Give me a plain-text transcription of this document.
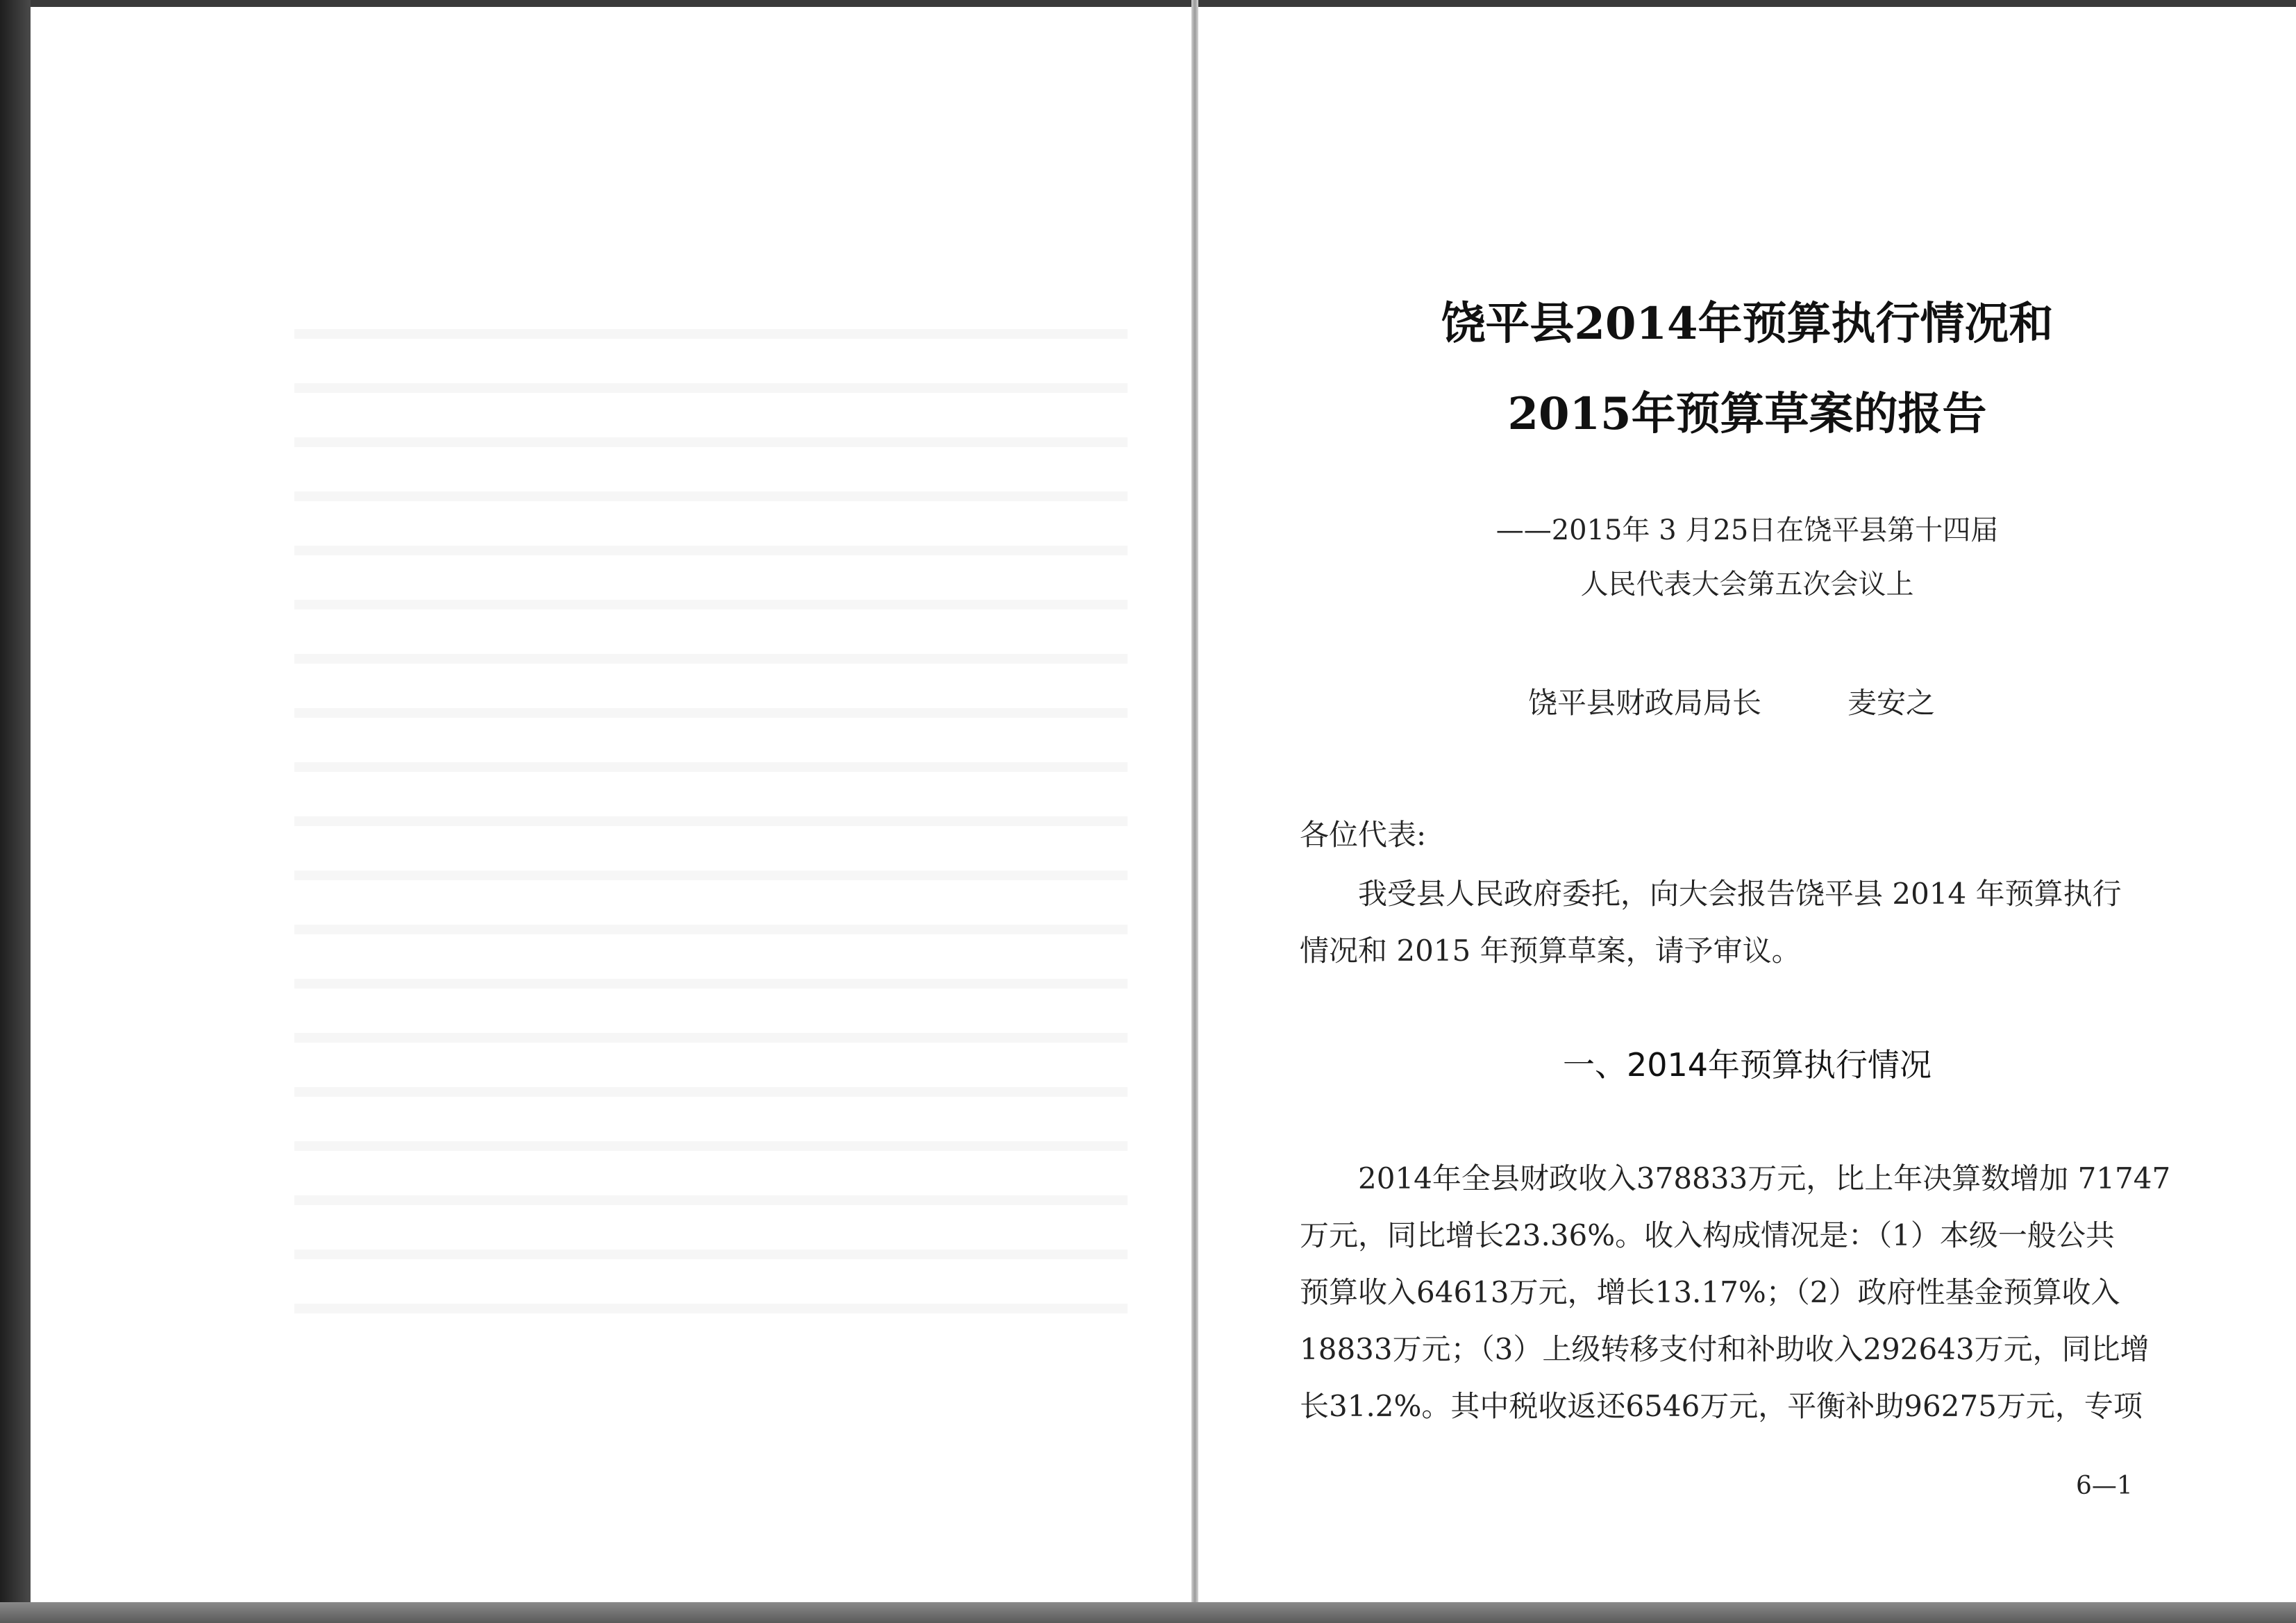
饶平县2014年预算执行情况和
2015年预算草案的报告
——2015年 3 月25日在饶平县第十四届
人民代表大会第五次会议上
饶平县财政局局长	麦安之
各位代表:

我受县人民政府委托，向大会报告饶平县 2014 年预算执行
情况和 2015 年预算草案，请予审议。

一、2014年预算执行情况

2014年全县财政收入378833万元，比上年决算数增加 71747
万元，同比增长23.36%。收入构成情况是：（1）本级一般公共
预算收入64613万元，增长13.17%；（2）政府性基金预算收入
18833万元；（3）上级转移支付和补助收入292643万元，同比增
长31.2%。其中税收返还6546万元，平衡补助96275万元，专项

6—1
